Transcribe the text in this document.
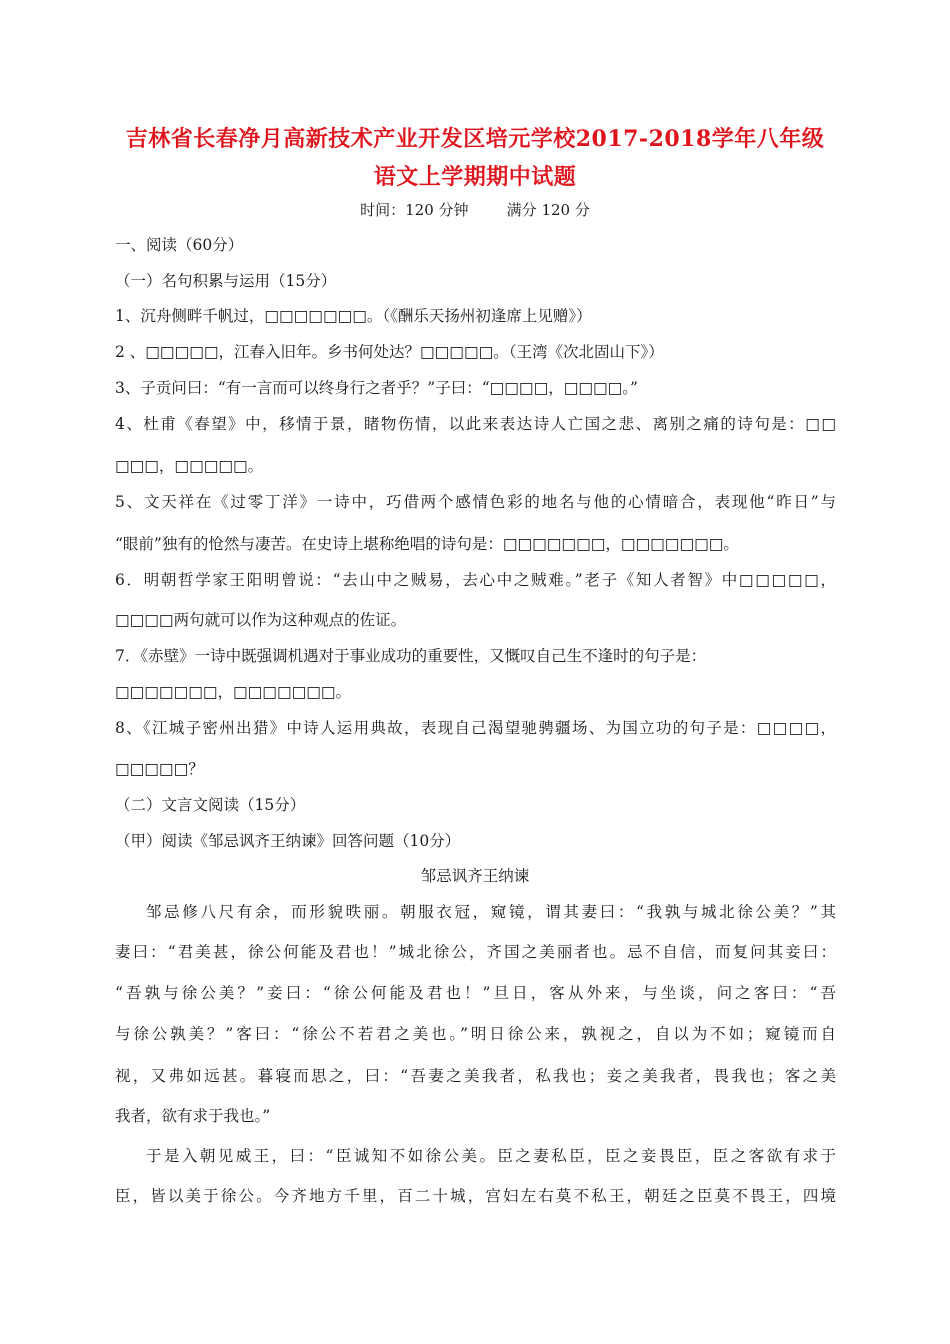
吉林省长春净月高新技术产业开发区培元学校2017-2018学年八年级
语文上学期期中试题
时间：120 分钟        满分 120 分
一、阅读（60分）
（一）名句积累与运用（15分）
1、沉舟侧畔千帆过，□□□□□□□。（《酬乐天扬州初逢席上见赠》）
2 、□□□□□，江春入旧年。乡书何处达？□□□□□。（王湾《次北固山下》）
3、子贡问曰：“有一言而可以终身行之者乎？”子曰：“□□□□，□□□□。”
4、杜甫《春望》中，移情于景，睹物伤情，以此来表达诗人亡国之悲、离别之痛的诗句是：□□
□□□，□□□□□。
5、文天祥在《过零丁洋》一诗中，巧借两个感情色彩的地名与他的心情暗合，表现他“昨日”与
“眼前”独有的怆然与凄苦。在史诗上堪称绝唱的诗句是：□□□□□□□，□□□□□□□。
6．明朝哲学家王阳明曾说：“去山中之贼易，去心中之贼难。”老子《知人者智》中□□□□□，
□□□□两句就可以作为这种观点的佐证。
7．《赤壁》一诗中既强调机遇对于事业成功的重要性，又慨叹自己生不逢时的句子是：
□□□□□□□，□□□□□□□。
8、《江城子密州出猎》中诗人运用典故，表现自己渴望驰骋疆场、为国立功的句子是：□□□□，
□□□□□？
（二）文言文阅读（15分）
（甲）阅读《邹忌讽齐王纳谏》回答问题（10分）
邹忌讽齐王纳谏
邹忌修八尺有余，而形貌昳丽。朝服衣冠，窥镜，谓其妻曰：“我孰与城北徐公美？”其
妻曰：“君美甚，徐公何能及君也！”城北徐公，齐国之美丽者也。忌不自信，而复问其妾曰：
“吾孰与徐公美？”妾曰：“徐公何能及君也！”旦日，客从外来，与坐谈，问之客曰：“吾
与徐公孰美？”客曰：“徐公不若君之美也。”明日徐公来，孰视之，自以为不如；窥镜而自
视，又弗如远甚。暮寝而思之，曰：“吾妻之美我者，私我也；妾之美我者，畏我也；客之美
我者，欲有求于我也。”
于是入朝见威王，曰：“臣诚知不如徐公美。臣之妻私臣，臣之妾畏臣，臣之客欲有求于
臣，皆以美于徐公。今齐地方千里，百二十城，宫妇左右莫不私王，朝廷之臣莫不畏王，四境
